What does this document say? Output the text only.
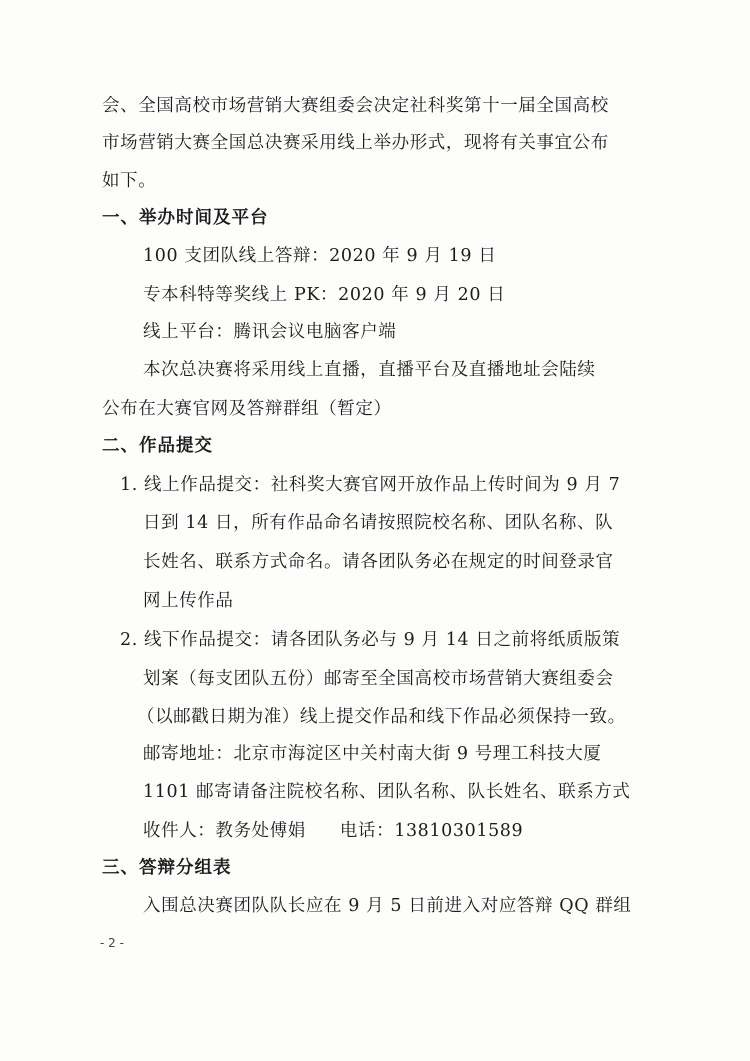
会、全国高校市场营销大赛组委会决定社科奖第十一届全国高校
市场营销大赛全国总决赛采用线上举办形式，现将有关事宜公布
如下。
一、举办时间及平台
100 支团队线上答辩：2020 年 9 月 19 日
专本科特等奖线上 PK：2020 年 9 月 20 日
线上平台：腾讯会议电脑客户端
本次总决赛将采用线上直播，直播平台及直播地址会陆续
公布在大赛官网及答辩群组（暂定）
二、作品提交
1. 线上作品提交：社科奖大赛官网开放作品上传时间为 9 月 7
日到 14 日，所有作品命名请按照院校名称、团队名称、队
长姓名、联系方式命名。请各团队务必在规定的时间登录官
网上传作品
2. 线下作品提交：请各团队务必与 9 月 14 日之前将纸质版策
划案（每支团队五份）邮寄至全国高校市场营销大赛组委会
（以邮戳日期为准）线上提交作品和线下作品必须保持一致。
邮寄地址：北京市海淀区中关村南大街 9 号理工科技大厦
1101 邮寄请备注院校名称、团队名称、队长姓名、联系方式
收件人：教务处傅娟 电话：13810301589
三、答辩分组表
入围总决赛团队队长应在 9 月 5 日前进入对应答辩 QQ 群组
- 2 -
